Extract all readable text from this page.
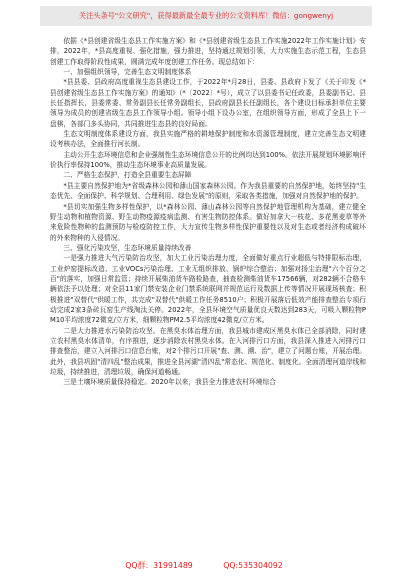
关注头条号"公文研究"，获得最新最全最专业的公文资料库！微信：gongwenyj

依据《*县创建省级生态县工作实施方案》和《*县创建省级生态县工作实施2022年工作实施计划》安排，2022年，*县高度重视、强化措施，强力推进，坚持通过规划引领，大力实施生态示范工程，生态县创建工作取得阶段性成果，圆满完成年度创建工作任务。现总结如下：

一、加强组织领导，完善生态文明制度体系

*县县委、县政府高度重视生态县建设工作，于2022年*月28日，县委、县政府下发了《关于印发《*县创建省级生态县工作实施方案》的通知》（*〔2022〕*号），成立了以县委书记任政委，县委副书记、县长任指挥长，县委常委、常务副县长任常务副组长，县政府副县长任副组长，各个建设目标承担单位主要领导为成员的创建省级生态县工作领导小组。领导小组下设办公室，在组织领导方面，形成了全县上下一盘棋，各部门多头协同，共同推进生态县的良好局面。

生态文明制度体系建设方面，我县实施严格的耕地保护制度和水资源管理制度，建立完善生态文明建设考核办法，全面推行河长制。

主动公开生态环境信息和企业强制性生态环境信息公开的比例均达到100%。依法开展规划环境影响评价执行率保持100%，推动生态环境事业高质量发展。

二、严格生态保护，打造全县重要生态屏障

*县主要自然保护地为*省级森林公园和薄山国家森林公园。作为我县重要的自然保护地，始终坚持"生态优先、全面保护、科学规划、合理利用、绿色发展"的原则，采取各类措施，加强对自然保护地的保护。

*县切实加强生物多样性保护，以*森林公园、薄山森林公园等自然保护地管理机构为基础，建立健全野生动物和植物资源、野生动物疫源疫病监测、有害生物防控体系。做好加拿大一枝花、多花黑麦草等外来危险性物种的监测预防与检疫防控工作，大力宣传生物多样性保护重要性以及对生态或者经济构成破坏的外来物种的入侵情况。

三、强化污染攻坚，生态环境质量持续改善

一是强力推进大气污染防治攻坚，加大工业污染治理力度，全面做好重点行业超低与特排限标治理，工业炉窑提标改造、工业VOCs污染治理、工业无组织排放、锅炉综合整治；加强对扬尘治理"六个百分之百"的落实，加强日常监管；持续开展柴油货车路检路查，抽查检测柴油货车17566辆，对282辆不合格车辆依法予以处理；对全县11家门禁安装企业门禁系统联网并规范运行及数据上传等情况开展现场核查；积极推进"双替代"供暖工作，共完成"双替代"供暖工作任务8510户；积极开展落后低效产能排查整治专项行动完成2家3条砖瓦窑生产线淘汰关停。2022年，全县环境空气质量优良天数达到283天，可吸入颗粒物PM10平均浓度72微克/立方米，细颗粒物PM2.5平均浓度42微克/立方米。

二是大力推进水污染防治攻坚。在黑臭水体治理方面，我县城市建成区黑臭水体已全部消除，同时建立农村黑臭水体清单，有序推进，逐步消除农村黑臭水体。在入河排污口方面，我县深入推进入河排污口排查整治，建立入河排污口信息台账，对2个排污口开展"查、测、溯、治"，建立了问题台账，开展治理。此外，我县巩固"清四乱"整治成果，推进全县河湖"清四乱"常态化、规范化、制度化。全面清理河道岸线和垃圾，持续推进，清理垃圾，确保河道畅通。

三是土壤环境质量保持稳定。2020年以来，我县全力推进农村环境综合

QQ群：31991489	QQ:535304092
